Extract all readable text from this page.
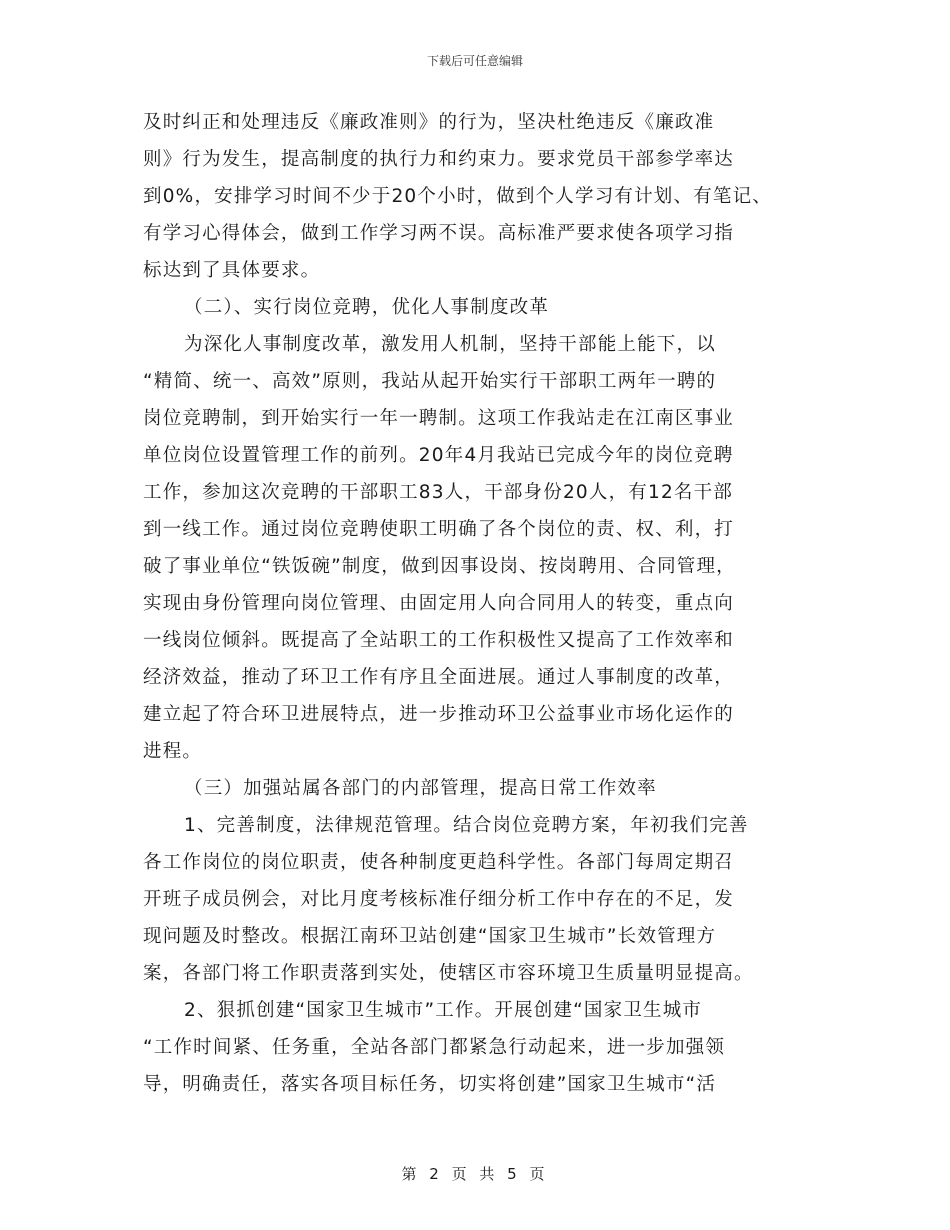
下载后可任意编辑
及时纠正和处理违反《廉政准则》的行为，坚决杜绝违反《廉政准
则》行为发生，提高制度的执行力和约束力。要求党员干部参学率达
到0%，安排学习时间不少于20个小时，做到个人学习有计划、有笔记、
有学习心得体会，做到工作学习两不误。高标准严要求使各项学习指
标达到了具体要求。
（二）、实行岗位竞聘，优化人事制度改革
为深化人事制度改革，激发用人机制，坚持干部能上能下，以
“精简、统一、高效”原则，我站从起开始实行干部职工两年一聘的
岗位竞聘制，到开始实行一年一聘制。这项工作我站走在江南区事业
单位岗位设置管理工作的前列。20年4月我站已完成今年的岗位竞聘
工作，参加这次竞聘的干部职工83人，干部身份20人，有12名干部
到一线工作。通过岗位竞聘使职工明确了各个岗位的责、权、利，打
破了事业单位“铁饭碗”制度，做到因事设岗、按岗聘用、合同管理，
实现由身份管理向岗位管理、由固定用人向合同用人的转变，重点向
一线岗位倾斜。既提高了全站职工的工作积极性又提高了工作效率和
经济效益，推动了环卫工作有序且全面进展。通过人事制度的改革，
建立起了符合环卫进展特点，进一步推动环卫公益事业市场化运作的
进程。
（三）加强站属各部门的内部管理，提高日常工作效率
1、完善制度，法律规范管理。结合岗位竞聘方案，年初我们完善
各工作岗位的岗位职责，使各种制度更趋科学性。各部门每周定期召
开班子成员例会，对比月度考核标准仔细分析工作中存在的不足，发
现问题及时整改。根据江南环卫站创建“国家卫生城市”长效管理方
案，各部门将工作职责落到实处，使辖区市容环境卫生质量明显提高。
2、狠抓创建“国家卫生城市”工作。开展创建“国家卫生城市
“工作时间紧、任务重，全站各部门都紧急行动起来，进一步加强领
导，明确责任，落实各项目标任务，切实将创建”国家卫生城市“活
第 2 页 共 5 页
